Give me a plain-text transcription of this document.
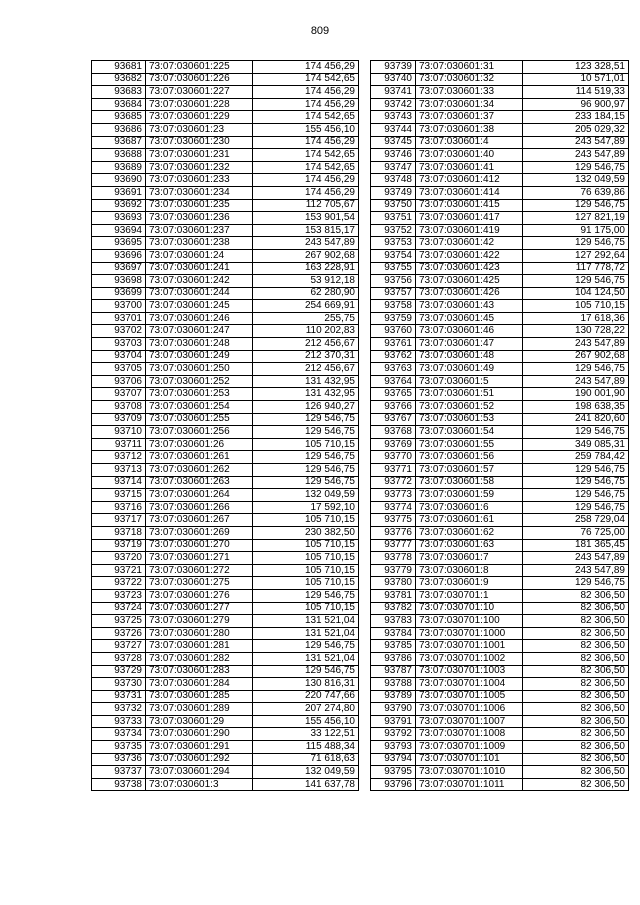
809
93681	73:07:030601:225	174 456,29
93682	73:07:030601:226	174 542,65
93683	73:07:030601:227	174 456,29
93684	73:07:030601:228	174 456,29
93685	73:07:030601:229	174 542,65
93686	73:07:030601:23	155 456,10
93687	73:07:030601:230	174 456,29
93688	73:07:030601:231	174 542,65
93689	73:07:030601:232	174 542,65
93690	73:07:030601:233	174 456,29
93691	73:07:030601:234	174 456,29
93692	73:07:030601:235	112 705,67
93693	73:07:030601:236	153 901,54
93694	73:07:030601:237	153 815,17
93695	73:07:030601:238	243 547,89
93696	73:07:030601:24	267 902,68
93697	73:07:030601:241	163 228,91
93698	73:07:030601:242	53 912,18
93699	73:07:030601:244	62 280,90
93700	73:07:030601:245	254 669,91
93701	73:07:030601:246	255,75
93702	73:07:030601:247	110 202,83
93703	73:07:030601:248	212 456,67
93704	73:07:030601:249	212 370,31
93705	73:07:030601:250	212 456,67
93706	73:07:030601:252	131 432,95
93707	73:07:030601:253	131 432,95
93708	73:07:030601:254	126 940,27
93709	73:07:030601:255	129 546,75
93710	73:07:030601:256	129 546,75
93711	73:07:030601:26	105 710,15
93712	73:07:030601:261	129 546,75
93713	73:07:030601:262	129 546,75
93714	73:07:030601:263	129 546,75
93715	73:07:030601:264	132 049,59
93716	73:07:030601:266	17 592,10
93717	73:07:030601:267	105 710,15
93718	73:07:030601:269	230 382,50
93719	73:07:030601:270	105 710,15
93720	73:07:030601:271	105 710,15
93721	73:07:030601:272	105 710,15
93722	73:07:030601:275	105 710,15
93723	73:07:030601:276	129 546,75
93724	73:07:030601:277	105 710,15
93725	73:07:030601:279	131 521,04
93726	73:07:030601:280	131 521,04
93727	73:07:030601:281	129 546,75
93728	73:07:030601:282	131 521,04
93729	73:07:030601:283	129 546,75
93730	73:07:030601:284	130 816,31
93731	73:07:030601:285	220 747,66
93732	73:07:030601:289	207 274,80
93733	73:07:030601:29	155 456,10
93734	73:07:030601:290	33 122,51
93735	73:07:030601:291	115 488,34
93736	73:07:030601:292	71 618,63
93737	73:07:030601:294	132 049,59
93738	73:07:030601:3	141 637,78
93739	73:07:030601:31	123 328,51
93740	73:07:030601:32	10 571,01
93741	73:07:030601:33	114 519,33
93742	73:07:030601:34	96 900,97
93743	73:07:030601:37	233 184,15
93744	73:07:030601:38	205 029,32
93745	73:07:030601:4	243 547,89
93746	73:07:030601:40	243 547,89
93747	73:07:030601:41	129 546,75
93748	73:07:030601:412	132 049,59
93749	73:07:030601:414	76 639,86
93750	73:07:030601:415	129 546,75
93751	73:07:030601:417	127 821,19
93752	73:07:030601:419	91 175,00
93753	73:07:030601:42	129 546,75
93754	73:07:030601:422	127 292,64
93755	73:07:030601:423	117 778,72
93756	73:07:030601:425	129 546,75
93757	73:07:030601:426	104 124,50
93758	73:07:030601:43	105 710,15
93759	73:07:030601:45	17 618,36
93760	73:07:030601:46	130 728,22
93761	73:07:030601:47	243 547,89
93762	73:07:030601:48	267 902,68
93763	73:07:030601:49	129 546,75
93764	73:07:030601:5	243 547,89
93765	73:07:030601:51	190 001,90
93766	73:07:030601:52	198 638,35
93767	73:07:030601:53	241 820,60
93768	73:07:030601:54	129 546,75
93769	73:07:030601:55	349 085,31
93770	73:07:030601:56	259 784,42
93771	73:07:030601:57	129 546,75
93772	73:07:030601:58	129 546,75
93773	73:07:030601:59	129 546,75
93774	73:07:030601:6	129 546,75
93775	73:07:030601:61	258 729,04
93776	73:07:030601:62	76 725,00
93777	73:07:030601:63	181 365,45
93778	73:07:030601:7	243 547,89
93779	73:07:030601:8	243 547,89
93780	73:07:030601:9	129 546,75
93781	73:07:030701:1	82 306,50
93782	73:07:030701:10	82 306,50
93783	73:07:030701:100	82 306,50
93784	73:07:030701:1000	82 306,50
93785	73:07:030701:1001	82 306,50
93786	73:07:030701:1002	82 306,50
93787	73:07:030701:1003	82 306,50
93788	73:07:030701:1004	82 306,50
93789	73:07:030701:1005	82 306,50
93790	73:07:030701:1006	82 306,50
93791	73:07:030701:1007	82 306,50
93792	73:07:030701:1008	82 306,50
93793	73:07:030701:1009	82 306,50
93794	73:07:030701:101	82 306,50
93795	73:07:030701:1010	82 306,50
93796	73:07:030701:1011	82 306,50
